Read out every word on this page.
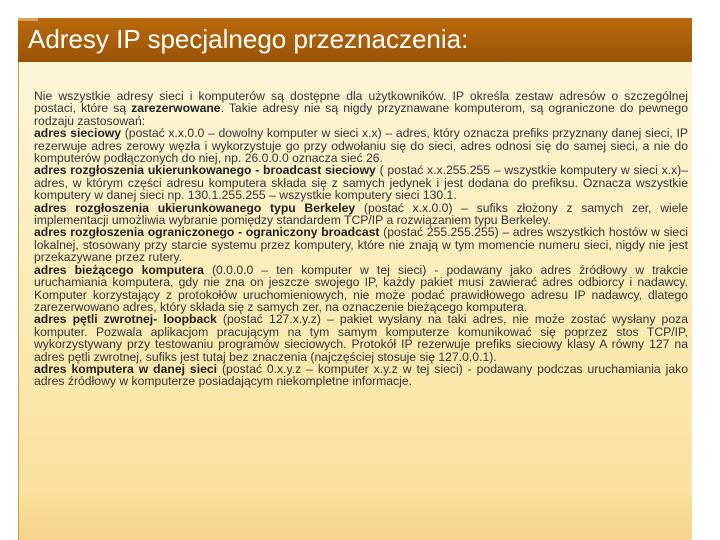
Adresy IP specjalnego przeznaczenia:

Nie wszystkie adresy sieci i komputerów są dostępne dla użytkowników. IP określa zestaw adresów o szczególnej postaci, które są zarezerwowane. Takie adresy nie są nigdy przyznawane komputerom, są ograniczone do pewnego rodzaju zastosowań:

adres sieciowy (postać x.x.0.0 – dowolny komputer w sieci x.x) – adres, który oznacza prefiks przyznany danej sieci, IP rezerwuje adres zerowy węzła i wykorzystuje go przy odwołaniu się do sieci, adres odnosi się do samej sieci, a nie do komputerów podłączonych do niej, np. 26.0.0.0 oznacza sieć 26.

adres rozgłoszenia ukierunkowanego - broadcast sieciowy ( postać x.x.255.255 – wszystkie komputery w sieci x.x)– adres, w którym części adresu komputera składa się z samych jedynek i jest dodana do prefiksu. Oznacza wszystkie komputery w danej sieci np. 130.1.255.255 – wszystkie komputery sieci 130.1.

adres rozgłoszenia ukierunkowanego typu Berkeley (postać x.x.0.0) – sufiks złożony z samych zer, wiele implementacji umożliwia wybranie pomiędzy standardem TCP/IP a rozwiązaniem typu Berkeley.

adres rozgłoszenia ograniczonego - ograniczony broadcast (postać 255.255.255) – adres wszystkich hostów w sieci lokalnej, stosowany przy starcie systemu przez komputery, które nie znają w tym momencie numeru sieci, nigdy nie jest przekazywane przez rutery.

adres bieżącego komputera (0.0.0.0 – ten komputer w tej sieci) - podawany jako adres źródłowy w trakcie uruchamiania komputera, gdy nie zna on jeszcze swojego IP, każdy pakiet musi zawierać adres odbiorcy i nadawcy. Komputer korzystający z protokołów uruchomieniowych, nie może podać prawidłowego adresu IP nadawcy, dlatego zarezerwowano adres, który składa się z samych zer, na oznaczenie bieżącego komputera.

adres pętli zwrotnej- loopback (postać 127.x.y.z) – pakiet wysłany na taki adres, nie może zostać wysłany poza komputer. Pozwala aplikacjom pracującym na tym samym komputerze komunikować się poprzez stos TCP/IP, wykorzystywany przy testowaniu programów sieciowych. Protokół IP rezerwuje prefiks sieciowy klasy A równy 127 na adres pętli zwrotnej, sufiks jest tutaj bez znaczenia (najczęściej stosuje się 127.0.0.1).

adres komputera w danej sieci (postać 0.x.y.z – komputer x.y.z w tej sieci) - podawany podczas uruchamiania jako adres źródłowy w komputerze posiadającym niekompletne informacje.
